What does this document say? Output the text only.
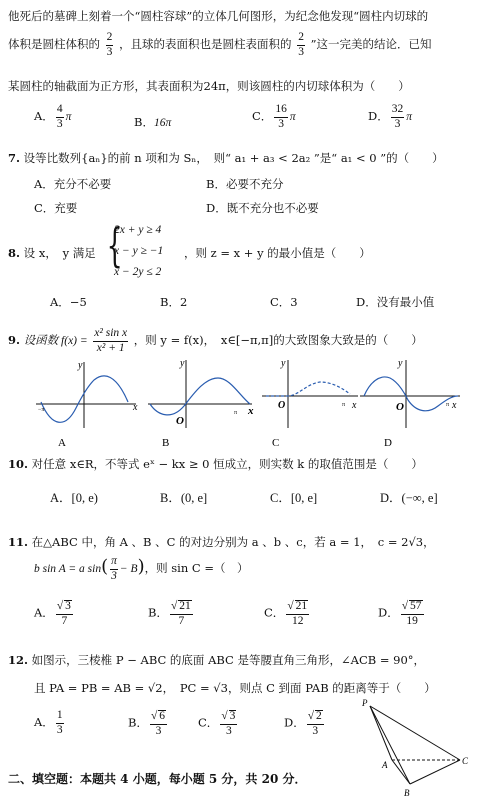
他死后的墓碑上刻着一个“圆柱容球”的立体几何图形，为纪念他发现“圆柱内切球的
体积是圆柱体积的 $\frac{2}{3}$ ，且球的表面积也是圆柱表面积的 $\frac{2}{3}$ ”这一完美的结论．已知
某圆柱的轴截面为正方形，其表面积为24π，则该圆柱的内切球体积为（　　）
A． $\frac{4}{3}$ π	B．16π	C． $\frac{16}{3}$ π	D． $\frac{32}{3}$ π
7. 设等比数列{aₙ}的前 n 项和为 Sₙ，　则“ a₁ + a₃ < 2a₂ ”是“ a₁ < 0 ”的（　　）
A．充分不必要	B．必要不充分
C．充要	D．既不充分也不必要
8. 设 x，　y 满足 {
2x + y ≥ 4
x − y ≥ −1
x − 2y ≤ 2
，则 z = x + y 的最小值是（　　）
A．−5	B．2	C．3	D．没有最小值
9. 设函数 $f(x) = \frac{\text{x² sin x}}{\text{x² + 1}}$ ，则 y = f(x)，　x∈[−π,π]的大致图象大致是的（　　）
y
x
−π
y
x
O
π
y
x
O	π
y
x
O	π
A	B	C	D
10. 对任意 x∈R，不等式 eˣ − kx ≥ 0 恒成立，则实数 k 的取值范围是（　　）
A．[0, e)	B．(0, e]	C．[0, e]	D．(−∞, e]
11. 在△ABC 中，角 A 、B 、C 的对边分别为 a 、b 、c，若 a = 1，　c = 2√3，
b sin A = a $\sin( \frac{\pi}{3} - B)$，则 sin C =（　）
A． √ $\frac{3}{7}$	B． √ $\frac{21}{7}$	C． √ $\frac{21}{12}$	D． √ $\frac{57}{19}$
12. 如图示，三棱椎 P − ABC 的底面 ABC 是等腰直角三角形，∠ACB = 90°，
且 PA = PB = AB = √2，　PC = √3，则点 C 到面 PAB 的距离等于（　　）
A． $\frac{1}{3}$	B． √ $\frac{6}{3}$	C． √ $\frac{3}{3}$	D． √ $\frac{2}{3}$
P
A
B
C
二、填空题：本题共 4 小题，每小题 5 分，共 20 分．
